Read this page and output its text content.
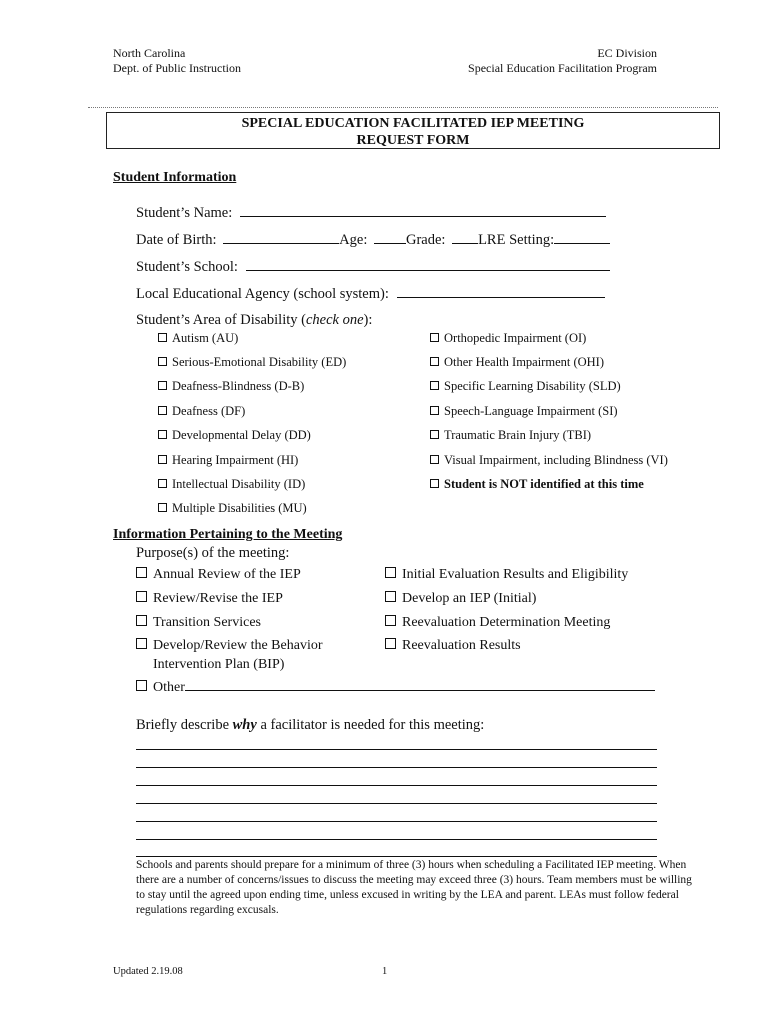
North Carolina
Dept. of Public Instruction
EC Division
Special Education Facilitation Program
SPECIAL EDUCATION FACILITATED IEP MEETING
REQUEST FORM
Student Information
Student’s Name:
Date of Birth:	Age:	Grade: LRE Setting:
Student’s School:
Local Educational Agency (school system):
Student’s Area of Disability (check one):
Autism (AU)
Serious-Emotional Disability (ED)
Deafness-Blindness (D-B)
Deafness (DF)
Developmental Delay (DD)
Hearing Impairment (HI)
Intellectual Disability (ID)
Multiple Disabilities (MU)
Orthopedic Impairment (OI)
Other Health Impairment (OHI)
Specific Learning Disability (SLD)
Speech-Language Impairment (SI)
Traumatic Brain Injury (TBI)
Visual Impairment, including Blindness (VI)
Student is NOT identified at this time
Information Pertaining to the Meeting
Purpose(s) of the meeting:
Annual Review of the IEP
Review/Revise the IEP
Transition Services
Develop/Review the Behavior
Intervention Plan (BIP)
Initial Evaluation Results and Eligibility
Develop an IEP (Initial)
Reevaluation Determination Meeting
Reevaluation Results
Other
Briefly describe why a facilitator is needed for this meeting:
Schools and parents should prepare for a minimum of three (3) hours when scheduling a Facilitated IEP meeting. When there are a number of concerns/issues to discuss the meeting may exceed three (3) hours. Team members must be willing to stay until the agreed upon ending time, unless excused in writing by the LEA and parent. LEAs must follow federal regulations regarding excusals.
Updated 2.19.08	1
